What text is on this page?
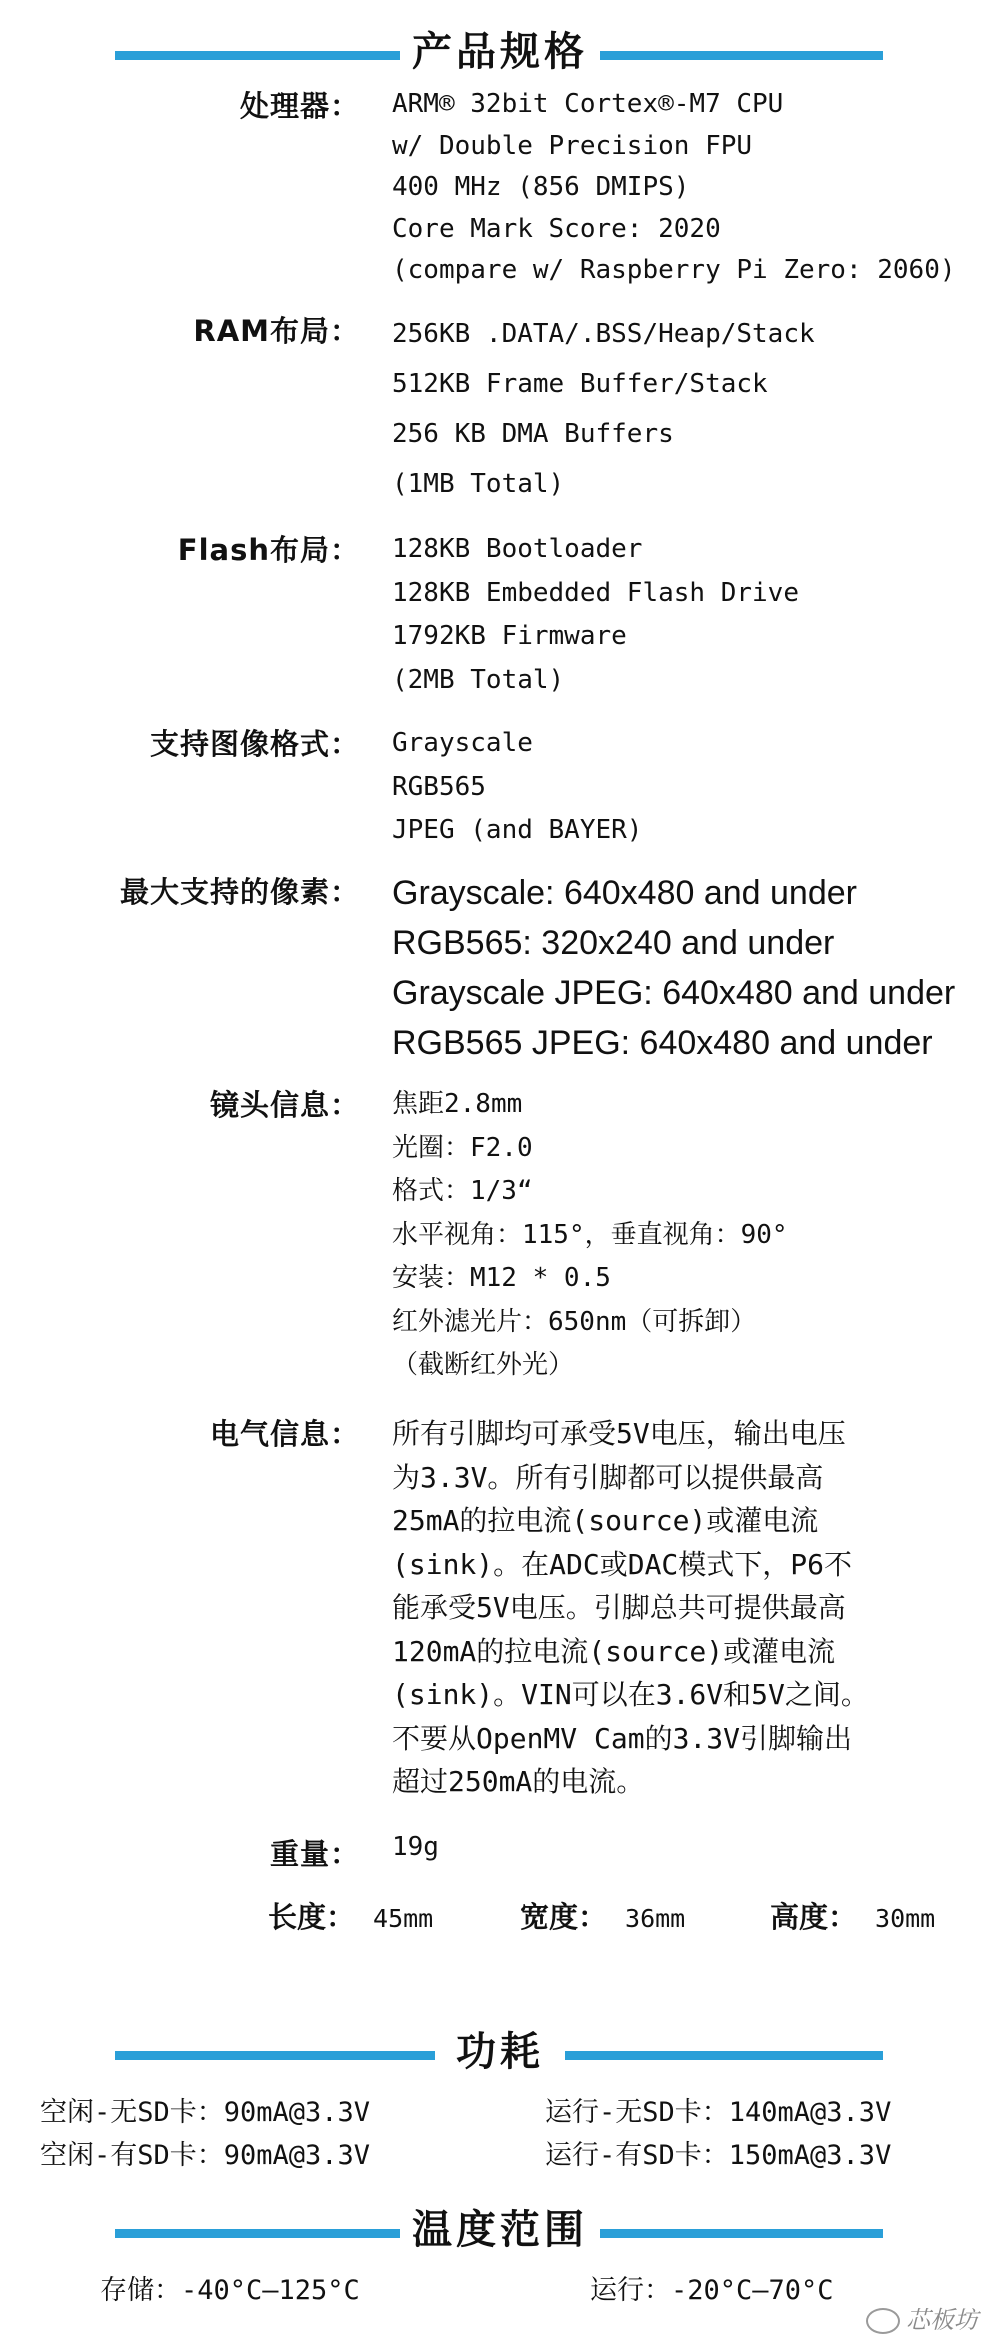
产品规格
处理器： ARM® 32bit Cortex®-M7 CPU
w/ Double Precision FPU
400 MHz (856 DMIPS)
Core Mark Score: 2020
(compare w/ Raspberry Pi Zero: 2060)
RAM布局： 256KB .DATA/.BSS/Heap/Stack
512KB Frame Buffer/Stack
256 KB DMA Buffers
(1MB Total)
Flash布局： 128KB Bootloader
128KB Embedded Flash Drive
1792KB Firmware
(2MB Total)
支持图像格式： Grayscale
RGB565
JPEG (and BAYER)
最大支持的像素： Grayscale: 640x480 and under
RGB565: 320x240 and under
Grayscale JPEG: 640x480 and under
RGB565 JPEG: 640x480 and under
镜头信息： 焦距2.8mm
光圈：F2.0
格式：1/3“
水平视角：115°，垂直视角：90°
安装：M12 * 0.5
红外滤光片：650nm（可拆卸）
（截断红外光）
电气信息： 所有引脚均可承受5V电压，输出电压
为3.3V。所有引脚都可以提供最高
25mA的拉电流(source)或灌电流
(sink)。在ADC或DAC模式下，P6不
能承受5V电压。引脚总共可提供最高
120mA的拉电流(source)或灌电流
(sink)。VIN可以在3.6V和5V之间。
不要从OpenMV Cam的3.3V引脚输出
超过250mA的电流。
重量： 19g
长度： 45mm	宽度： 36mm	高度： 30mm
功耗
空闲-无SD卡：90mA@3.3V	运行-无SD卡：140mA@3.3V
空闲-有SD卡：90mA@3.3V	运行-有SD卡：150mA@3.3V
温度范围
存储：-40°C—125°C	运行：-20°C—70°C
芯板坊
